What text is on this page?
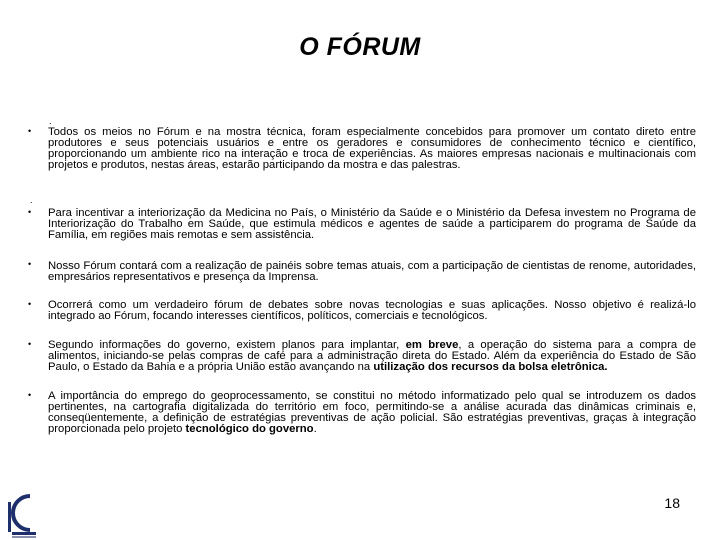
O FÓRUM
.
.
• Todos os meios no Fórum e na mostra técnica, foram especialmente concebidos para promover um contato direto entre produtores e seus potenciais usuários e entre os geradores e consumidores de conhecimento técnico e científico, proporcionando um ambiente rico na interação e troca de experiências. As maiores empresas nacionais e multinacionais com projetos e produtos, nestas áreas, estarão participando da mostra e das palestras.
• Para incentivar a interiorização da Medicina no País, o Ministério da Saúde e o Ministério da Defesa investem no Programa de Interiorização do Trabalho em Saúde, que estimula médicos e agentes de saúde a participarem do programa de Saúde da Família, em regiões mais remotas e sem assistência.
• Nosso Fórum contará com a realização de painéis sobre temas atuais, com a participação de cientistas de renome, autoridades, empresários representativos e presença da Imprensa.
• Ocorrerá como um verdadeiro fórum de debates sobre novas tecnologias e suas aplicações. Nosso objetivo é realizá-lo integrado ao Fórum, focando interesses científicos, políticos, comerciais e tecnológicos.
• Segundo informações do governo, existem planos para implantar, em breve, a operação do sistema para a compra de alimentos, iniciando-se pelas compras de café para a administração direta do Estado. Além da experiência do Estado de São Paulo, o Estado da Bahia e a própria União estão avançando na utilização dos recursos da bolsa eletrônica.
• A importância do emprego do geoprocessamento, se constitui no método informatizado pelo qual se introduzem os dados pertinentes, na cartografia digitalizada do território em foco, permitindo-se a análise acurada das dinâmicas criminais e, conseqüentemente, a definição de estratégias preventivas de ação policial. São estratégias preventivas, graças à integração proporcionada pelo projeto tecnológico do governo.
18
